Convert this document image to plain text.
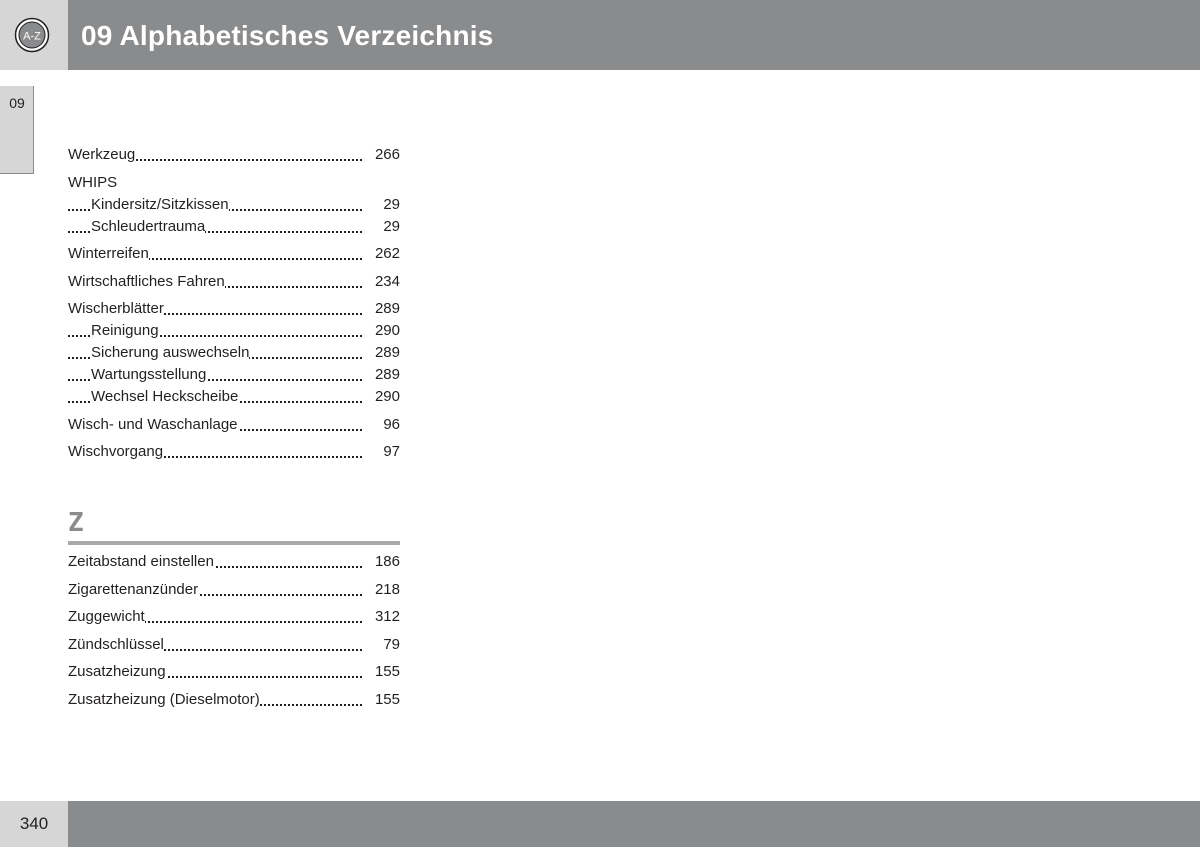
A-Z 09 Alphabetisches Verzeichnis
09
Werkzeug	266
WHIPS
Kindersitz/Sitzkissen	29
Schleudertrauma	29
Winterreifen	262
Wirtschaftliches Fahren	234
Wischerblätter	289
Reinigung	290
Sicherung auswechseln	289
Wartungsstellung	289
Wechsel Heckscheibe	290
Wisch- und Waschanlage	96
Wischvorgang	97
Z
Zeitabstand einstellen	186
Zigarettenanzünder	218
Zuggewicht	312
Zündschlüssel	79
Zusatzheizung	155
Zusatzheizung (Dieselmotor)	155
340
